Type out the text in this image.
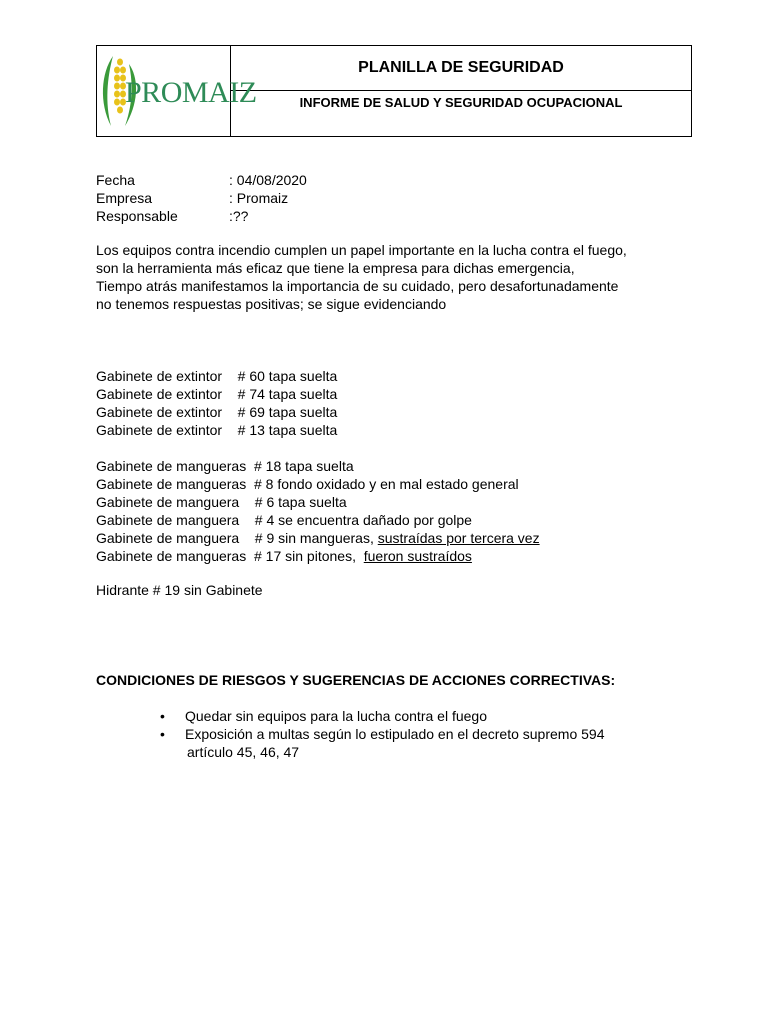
PROMAIZ
PLANILLA DE SEGURIDAD
INFORME DE SALUD Y SEGURIDAD OCUPACIONAL
Fecha	: 04/08/2020
Empresa	: Promaiz
Responsable	:??
Los equipos contra incendio cumplen un papel importante en la lucha contra el fuego,
son la herramienta más eficaz que tiene la empresa para dichas emergencia,
Tiempo atrás manifestamos la importancia de su cuidado, pero desafortunadamente
no tenemos respuestas positivas; se sigue evidenciando
Gabinete de extintor # 60 tapa suelta
Gabinete de extintor # 74 tapa suelta
Gabinete de extintor # 69 tapa suelta
Gabinete de extintor # 13 tapa suelta
Gabinete de mangueras # 18 tapa suelta
Gabinete de mangueras # 8 fondo oxidado y en mal estado general
Gabinete de manguera # 6 tapa suelta
Gabinete de manguera # 4 se encuentra dañado por golpe
Gabinete de manguera # 9 sin mangueras, sustraídas por tercera vez
Gabinete de mangueras # 17 sin pitones, fueron sustraídos
Hidrante # 19 sin Gabinete
CONDICIONES DE RIESGOS Y SUGERENCIAS DE ACCIONES CORRECTIVAS:
•	Quedar sin equipos para la lucha contra el fuego
•	Exposición a multas según lo estipulado en el decreto supremo 594
artículo 45, 46, 47
